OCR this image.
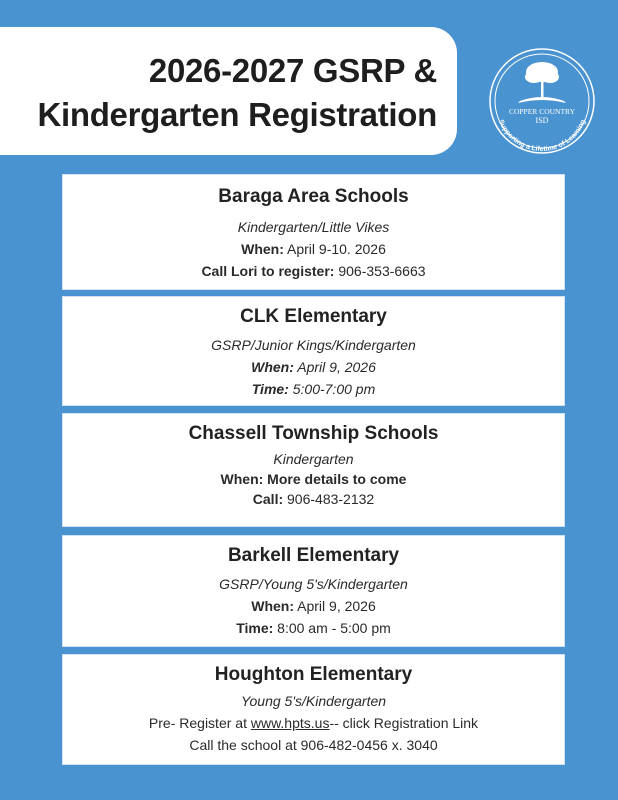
2026-2027 GSRP &
Kindergarten Registration	COPPER COUNTRY
ISD
Supporting a Lifetime of Learning
Baraga Area Schools
Kindergarten/Little Vikes
When: April 9-10. 2026
Call Lori to register: 906-353-6663
CLK Elementary
GSRP/Junior Kings/Kindergarten
When: April 9, 2026
Time: 5:00-7:00 pm
Chassell Township Schools
Kindergarten
When: More details to come
Call: 906-483-2132
Barkell Elementary
GSRP/Young 5's/Kindergarten
When: April 9, 2026
Time: 8:00 am - 5:00 pm
Houghton Elementary
Young 5's/Kindergarten
Pre- Register at www.hpts.us-- click Registration Link
Call the school at 906-482-0456 x. 3040
